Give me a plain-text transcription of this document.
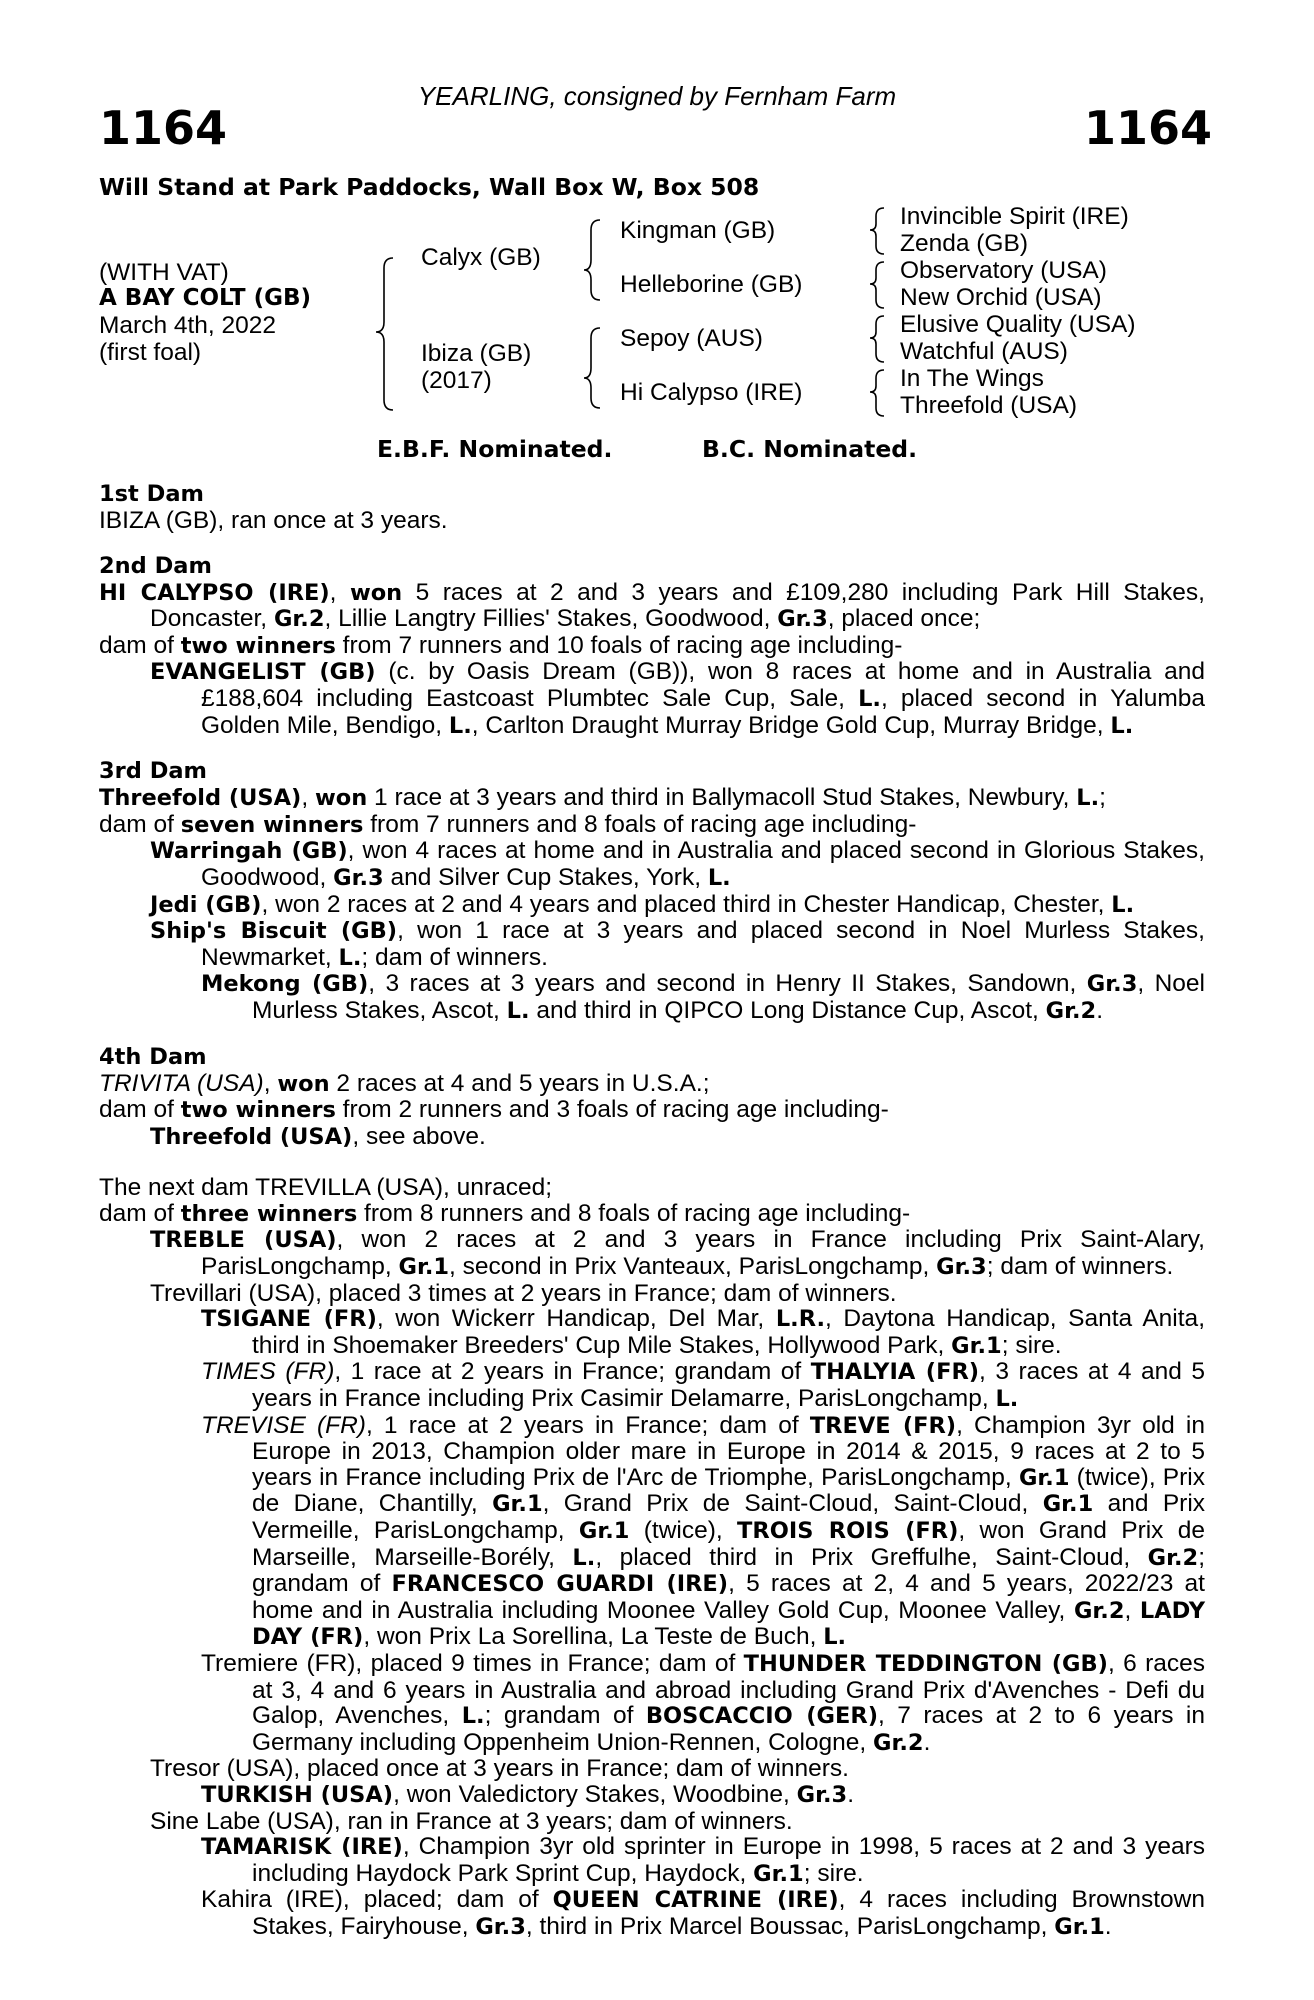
YEARLING, consigned by Fernham Farm
1164	1164
Will Stand at Park Paddocks, Wall Box W, Box 508
(WITH VAT)
A BAY COLT (GB)
March 4th, 2022
(first foal)
Calyx (GB)
Ibiza (GB)
(2017)
Kingman (GB)
Helleborine (GB)
Sepoy (AUS)
Hi Calypso (IRE)
Invincible Spirit (IRE)
Zenda (GB)
Observatory (USA)
New Orchid (USA)
Elusive Quality (USA)
Watchful (AUS)
In The Wings
Threefold (USA)
E.B.F. Nominated.	B.C. Nominated.
1st Dam
IBIZA (GB), ran once at 3 years.
2nd Dam
HI CALYPSO (IRE), won 5 races at 2 and 3 years and £109,280 including Park Hill Stakes, Doncaster, Gr.2, Lillie Langtry Fillies' Stakes, Goodwood, Gr.3, placed once;
dam of two winners from 7 runners and 10 foals of racing age including-
EVANGELIST (GB) (c. by Oasis Dream (GB)), won 8 races at home and in Australia and £188,604 including Eastcoast Plumbtec Sale Cup, Sale, L., placed second in Yalumba Golden Mile, Bendigo, L., Carlton Draught Murray Bridge Gold Cup, Murray Bridge, L.
3rd Dam
Threefold (USA), won 1 race at 3 years and third in Ballymacoll Stud Stakes, Newbury, L.;
dam of seven winners from 7 runners and 8 foals of racing age including-
Warringah (GB), won 4 races at home and in Australia and placed second in Glorious Stakes, Goodwood, Gr.3 and Silver Cup Stakes, York, L.
Jedi (GB), won 2 races at 2 and 4 years and placed third in Chester Handicap, Chester, L.
Ship's Biscuit (GB), won 1 race at 3 years and placed second in Noel Murless Stakes, Newmarket, L.; dam of winners.
Mekong (GB), 3 races at 3 years and second in Henry II Stakes, Sandown, Gr.3, Noel Murless Stakes, Ascot, L. and third in QIPCO Long Distance Cup, Ascot, Gr.2.
4th Dam
TRIVITA (USA), won 2 races at 4 and 5 years in U.S.A.;
dam of two winners from 2 runners and 3 foals of racing age including-
Threefold (USA), see above.
The next dam TREVILLA (USA), unraced;
dam of three winners from 8 runners and 8 foals of racing age including-
TREBLE (USA), won 2 races at 2 and 3 years in France including Prix Saint-Alary, ParisLongchamp, Gr.1, second in Prix Vanteaux, ParisLongchamp, Gr.3; dam of winners.
Trevillari (USA), placed 3 times at 2 years in France; dam of winners.
TSIGANE (FR), won Wickerr Handicap, Del Mar, L.R., Daytona Handicap, Santa Anita, third in Shoemaker Breeders' Cup Mile Stakes, Hollywood Park, Gr.1; sire.
TIMES (FR), 1 race at 2 years in France; grandam of THALYIA (FR), 3 races at 4 and 5 years in France including Prix Casimir Delamarre, ParisLongchamp, L.
TREVISE (FR), 1 race at 2 years in France; dam of TREVE (FR), Champion 3yr old in Europe in 2013, Champion older mare in Europe in 2014 & 2015, 9 races at 2 to 5 years in France including Prix de l'Arc de Triomphe, ParisLongchamp, Gr.1 (twice), Prix de Diane, Chantilly, Gr.1, Grand Prix de Saint-Cloud, Saint-Cloud, Gr.1 and Prix Vermeille, ParisLongchamp, Gr.1 (twice), TROIS ROIS (FR), won Grand Prix de Marseille, Marseille-Borély, L., placed third in Prix Greffulhe, Saint-Cloud, Gr.2; grandam of FRANCESCO GUARDI (IRE), 5 races at 2, 4 and 5 years, 2022/23 at home and in Australia including Moonee Valley Gold Cup, Moonee Valley, Gr.2, LADY DAY (FR), won Prix La Sorellina, La Teste de Buch, L.
Tremiere (FR), placed 9 times in France; dam of THUNDER TEDDINGTON (GB), 6 races at 3, 4 and 6 years in Australia and abroad including Grand Prix d'Avenches - Defi du Galop, Avenches, L.; grandam of BOSCACCIO (GER), 7 races at 2 to 6 years in Germany including Oppenheim Union-Rennen, Cologne, Gr.2.
Tresor (USA), placed once at 3 years in France; dam of winners.
TURKISH (USA), won Valedictory Stakes, Woodbine, Gr.3.
Sine Labe (USA), ran in France at 3 years; dam of winners.
TAMARISK (IRE), Champion 3yr old sprinter in Europe in 1998, 5 races at 2 and 3 years including Haydock Park Sprint Cup, Haydock, Gr.1; sire.
Kahira (IRE), placed; dam of QUEEN CATRINE (IRE), 4 races including Brownstown Stakes, Fairyhouse, Gr.3, third in Prix Marcel Boussac, ParisLongchamp, Gr.1.
